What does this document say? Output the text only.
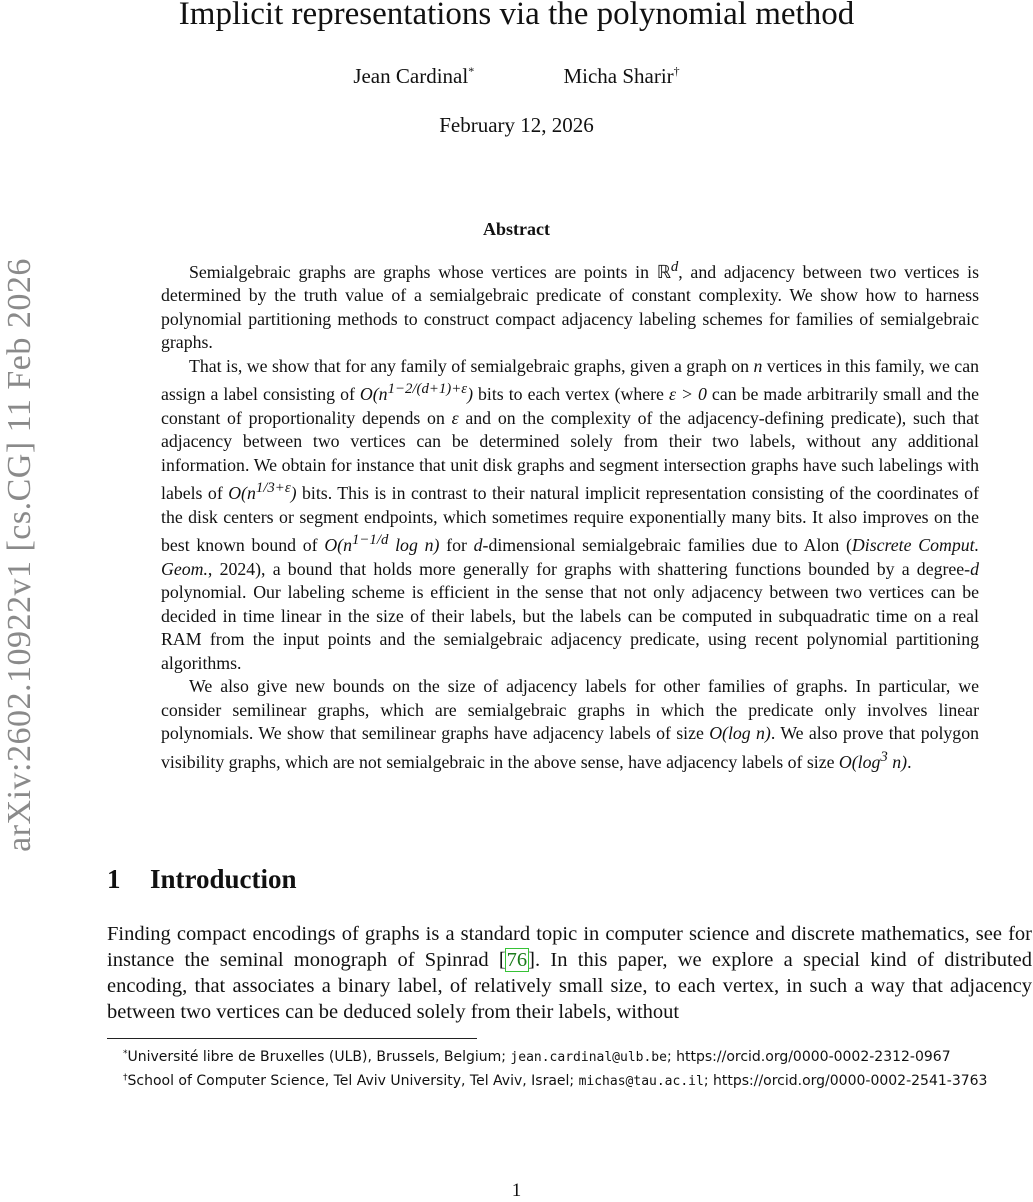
arXiv:2602.10922v1 [cs.CG] 11 Feb 2026
Implicit representations via the polynomial method
Jean Cardinal*	Micha Sharir†
February 12, 2026
Abstract

Semialgebraic graphs are graphs whose vertices are points in ℝ$^d$, and adjacency between two vertices is determined by the truth value of a semialgebraic predicate of constant complexity. We show how to harness polynomial partitioning methods to construct compact adjacency labeling schemes for families of semialgebraic graphs.

That is, we show that for any family of semialgebraic graphs, given a graph on n vertices in this family, we can assign a label consisting of $O(n^{1-2/(d+1)+\varepsilon})$ bits to each vertex (where ε > 0 can be made arbitrarily small and the constant of proportionality depends on ε and on the complexity of the adjacency-defining predicate), such that adjacency between two vertices can be determined solely from their two labels, without any additional information. We obtain for instance that unit disk graphs and segment intersection graphs have such labelings with labels of $O(n^{1/3+\varepsilon})$ bits. This is in contrast to their natural implicit representation consisting of the coordinates of the disk centers or segment endpoints, which sometimes require exponentially many bits. It also improves on the best known bound of $O(n^{1-1/d}$ log n) for d-dimensional semialgebraic families due to Alon (Discrete Comput. Geom., 2024), a bound that holds more generally for graphs with shattering functions bounded by a degree-d polynomial. Our labeling scheme is efficient in the sense that not only adjacency between two vertices can be decided in time linear in the size of their labels, but the labels can be computed in subquadratic time on a real RAM from the input points and the semialgebraic adjacency predicate, using recent polynomial partitioning algorithms.

We also give new bounds on the size of adjacency labels for other families of graphs. In particular, we consider semilinear graphs, which are semialgebraic graphs in which the predicate only involves linear polynomials. We show that semilinear graphs have adjacency labels of size O(log n). We also prove that polygon visibility graphs, which are not semialgebraic in the above sense, have adjacency labels of size $O(\log^3$ n).

1 Introduction

Finding compact encodings of graphs is a standard topic in computer science and discrete mathematics, see for instance the seminal monograph of Spinrad [76]. In this paper, we explore a special kind of distributed encoding, that associates a binary label, of relatively small size, to each vertex, in such a way that adjacency between two vertices can be deduced solely from their labels, without

*Université libre de Bruxelles (ULB), Brussels, Belgium; jean.cardinal@ulb.be; https://orcid.org/0000-0002-2312-0967

†School of Computer Science, Tel Aviv University, Tel Aviv, Israel; michas@tau.ac.il; https://orcid.org/0000-0002-2541-3763

1
